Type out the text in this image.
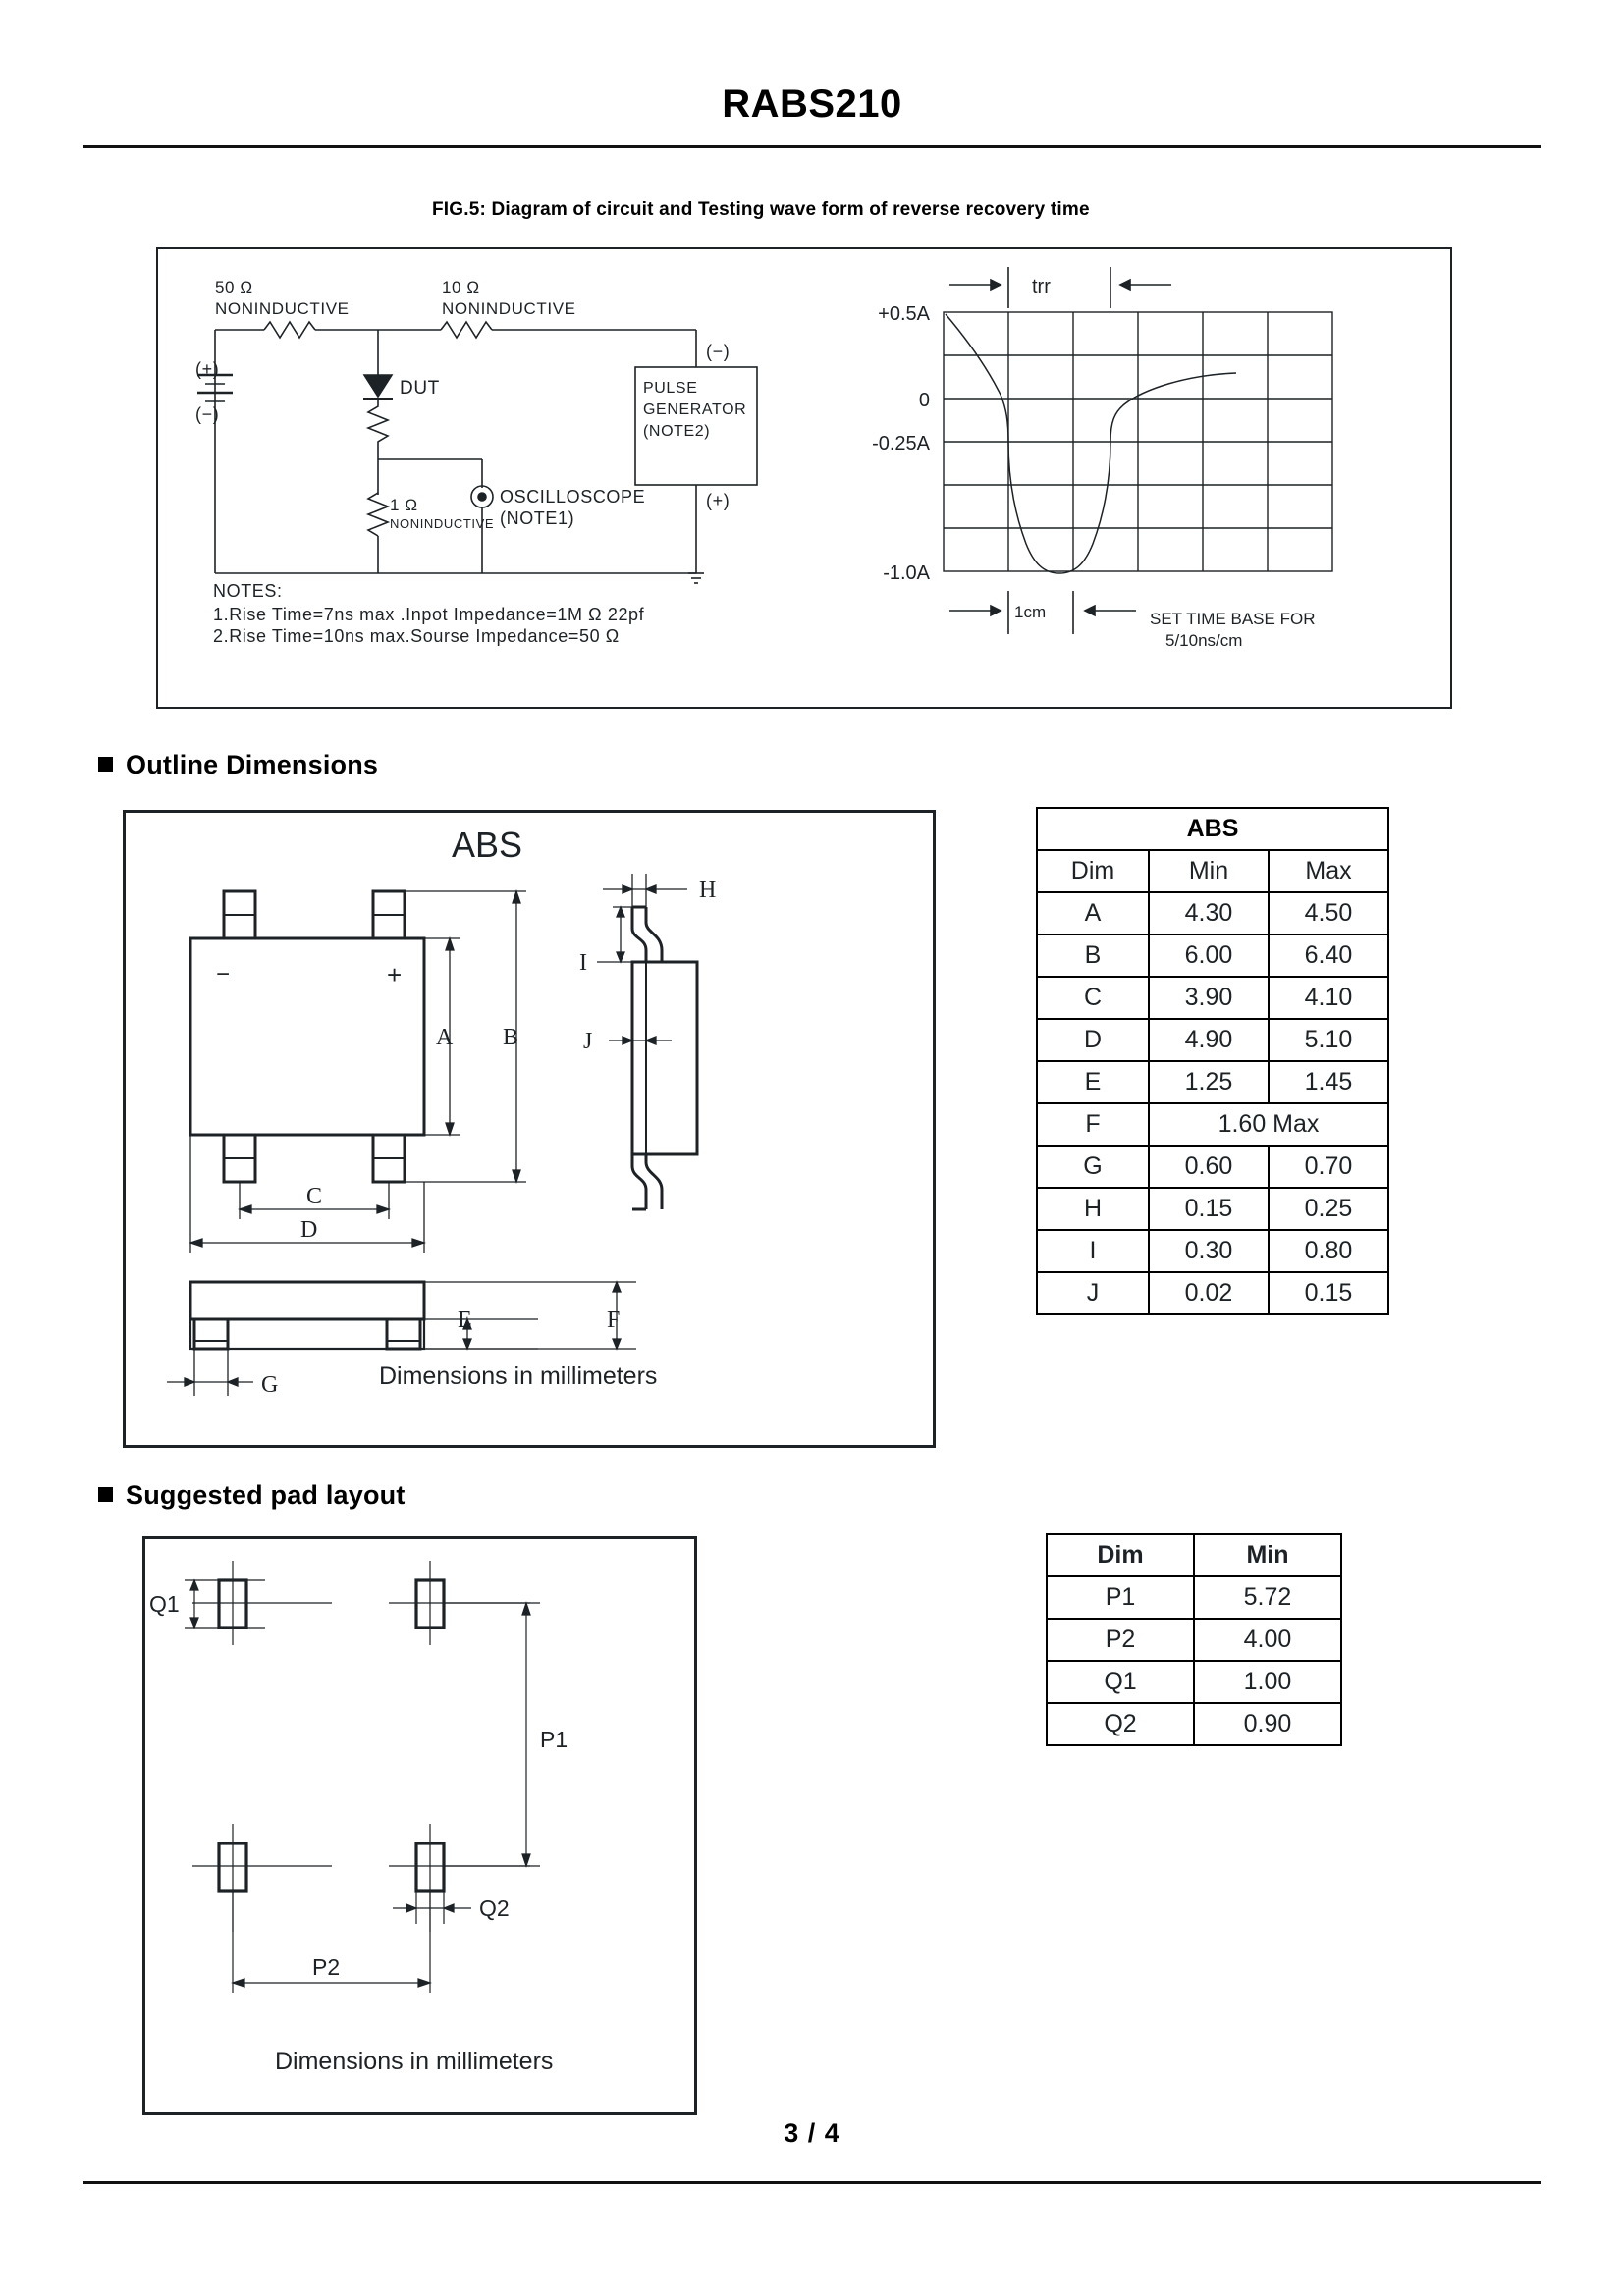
RABS210
FIG.5: Diagram of circuit and Testing wave form of reverse recovery time
50 Ω
NONINDUCTIVE
10 Ω
NONINDUCTIVE
DUT
(+)
(−)
1 Ω
NONINDUCTIVE
OSCILLOSCOPE
(NOTE1)
PULSE
GENERATOR
(NOTE2)
(−)
(+)
NOTES:
1.Rise Time=7ns max .Inpot Impedance=1M Ω 22pf
2.Rise Time=10ns max.Sourse Impedance=50 Ω
trr
+0.5A
0
-0.25A
-1.0A
1cm	SET TIME BASE FOR
5/10ns/cm
Outline Dimensions
A B
C
D
E	F
G
H
I
J
ABS
−	+
Dimensions in millimeters
ABS		
Dim	Min	Max
A	4.30	4.50
B	6.00	6.40
C	3.90	4.10
D	4.90	5.10
E	1.25	1.45
F	1.60 Max	
G	0.60	0.70
H	0.15	0.25
I	0.30	0.80
J	0.02	0.15
Suggested pad layout
Q1
P1
P2
Q2
Dimensions in millimeters
Dim	Min
P1	5.72
P2	4.00
Q1	1.00
Q2	0.90
3 / 4
